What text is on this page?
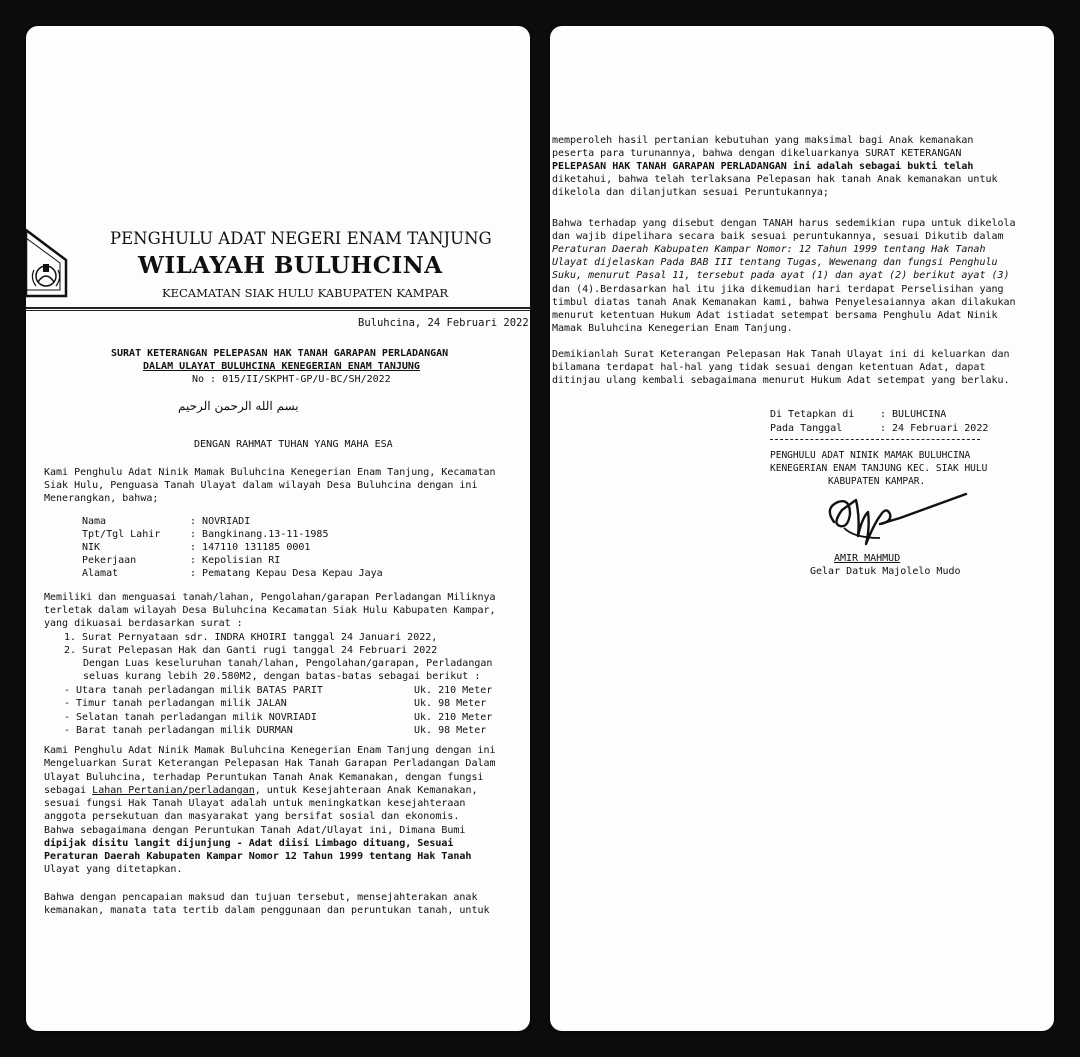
PENGHULU ADAT NEGERI ENAM TANJUNG
WILAYAH BULUHCINA
KECAMATAN SIAK HULU KABUPATEN KAMPAR
Buluhcina, 24 Februari 2022
SURAT KETERANGAN PELEPASAN HAK TANAH GARAPAN PERLADANGAN
DALAM ULAYAT BULUHCINA KENEGERIAN ENAM TANJUNG
No : 015/II/SKPHT-GP/U-BC/SH/2022
بسم الله الرحمن الرحيم
DENGAN RAHMAT TUHAN YANG MAHA ESA
Kami Penghulu Adat Ninik Mamak Buluhcina Kenegerian Enam Tanjung, Kecamatan
Siak Hulu, Penguasa Tanah Ulayat dalam wilayah Desa Buluhcina dengan ini
Menerangkan, bahwa;
Nama	: NOVRIADI
Tpt/Tgl Lahir	: Bangkinang.13-11-1985
NIK	: 147110 131185 0001
Pekerjaan	: Kepolisian RI
Alamat	: Pematang Kepau Desa Kepau Jaya
Memiliki dan menguasai tanah/lahan, Pengolahan/garapan Perladangan Miliknya
terletak dalam wilayah Desa Buluhcina Kecamatan Siak Hulu Kabupaten Kampar,
yang dikuasai berdasarkan surat :
1. Surat Pernyataan sdr. INDRA KHOIRI tanggal 24 Januari 2022,
2. Surat Pelepasan Hak dan Ganti rugi tanggal 24 Februari 2022
Dengan Luas keseluruhan tanah/lahan, Pengolahan/garapan, Perladangan
seluas kurang lebih 20.580M2, dengan batas-batas sebagai berikut :
- Utara tanah perladangan milik BATAS PARIT	Uk. 210 Meter
- Timur tanah perladangan milik JALAN	Uk. 98 Meter
- Selatan tanah perladangan milik NOVRIADI	Uk. 210 Meter
- Barat tanah perladangan milik DURMAN	Uk. 98 Meter
Kami Penghulu Adat Ninik Mamak Buluhcina Kenegerian Enam Tanjung dengan ini
Mengeluarkan Surat Keterangan Pelepasan Hak Tanah Garapan Perladangan Dalam
Ulayat Buluhcina, terhadap Peruntukan Tanah Anak Kemanakan, dengan fungsi
sebagai Lahan Pertanian/perladangan, untuk Kesejahteraan Anak Kemanakan,
sesuai fungsi Hak Tanah Ulayat adalah untuk meningkatkan kesejahteraan
anggota persekutuan dan masyarakat yang bersifat sosial dan ekonomis.
Bahwa sebagaimana dengan Peruntukan Tanah Adat/Ulayat ini, Dimana Bumi
dipijak disitu langit dijunjung - Adat diisi Limbago dituang, Sesuai
Peraturan Daerah Kabupaten Kampar Nomor 12 Tahun 1999 tentang Hak Tanah
Ulayat yang ditetapkan.
Bahwa dengan pencapaian maksud dan tujuan tersebut, mensejahterakan anak
kemanakan, manata tata tertib dalam penggunaan dan peruntukan tanah, untuk
memperoleh hasil pertanian kebutuhan yang maksimal bagi Anak kemanakan
peserta para turunannya, bahwa dengan dikeluarkanya SURAT KETERANGAN
PELEPASAN HAK TANAH GARAPAN PERLADANGAN ini adalah sebagai bukti telah
diketahui, bahwa telah terlaksana Pelepasan hak tanah Anak kemanakan untuk
dikelola dan dilanjutkan sesuai Peruntukannya;
Bahwa terhadap yang disebut dengan TANAH harus sedemikian rupa untuk dikelola
dan wajib dipelihara secara baik sesuai peruntukannya, sesuai Dikutib dalam
Peraturan Daerah Kabupaten Kampar Nomor: 12 Tahun 1999 tentang Hak Tanah
Ulayat dijelaskan Pada BAB III tentang Tugas, Wewenang dan fungsi Penghulu
Suku, menurut Pasal 11, tersebut pada ayat (1) dan ayat (2) berikut ayat (3)
dan (4).Berdasarkan hal itu jika dikemudian hari terdapat Perselisihan yang
timbul diatas tanah Anak Kemanakan kami, bahwa Penyelesaiannya akan dilakukan
menurut ketentuan Hukum Adat istiadat setempat bersama Penghulu Adat Ninik
Mamak Buluhcina Kenegerian Enam Tanjung.
Demikianlah Surat Keterangan Pelepasan Hak Tanah Ulayat ini di keluarkan dan
bilamana terdapat hal-hal yang tidak sesuai dengan ketentuan Adat, dapat
ditinjau ulang kembali sebagaimana menurut Hukum Adat setempat yang berlaku.
Di Tetapkan di	: BULUHCINA
Pada Tanggal	: 24 Februari 2022
PENGHULU ADAT NINIK MAMAK BULUHCINA
KENEGERIAN ENAM TANJUNG KEC. SIAK HULU
KABUPATEN KAMPAR.
AMIR MAHMUD
Gelar Datuk Majolelo Mudo
